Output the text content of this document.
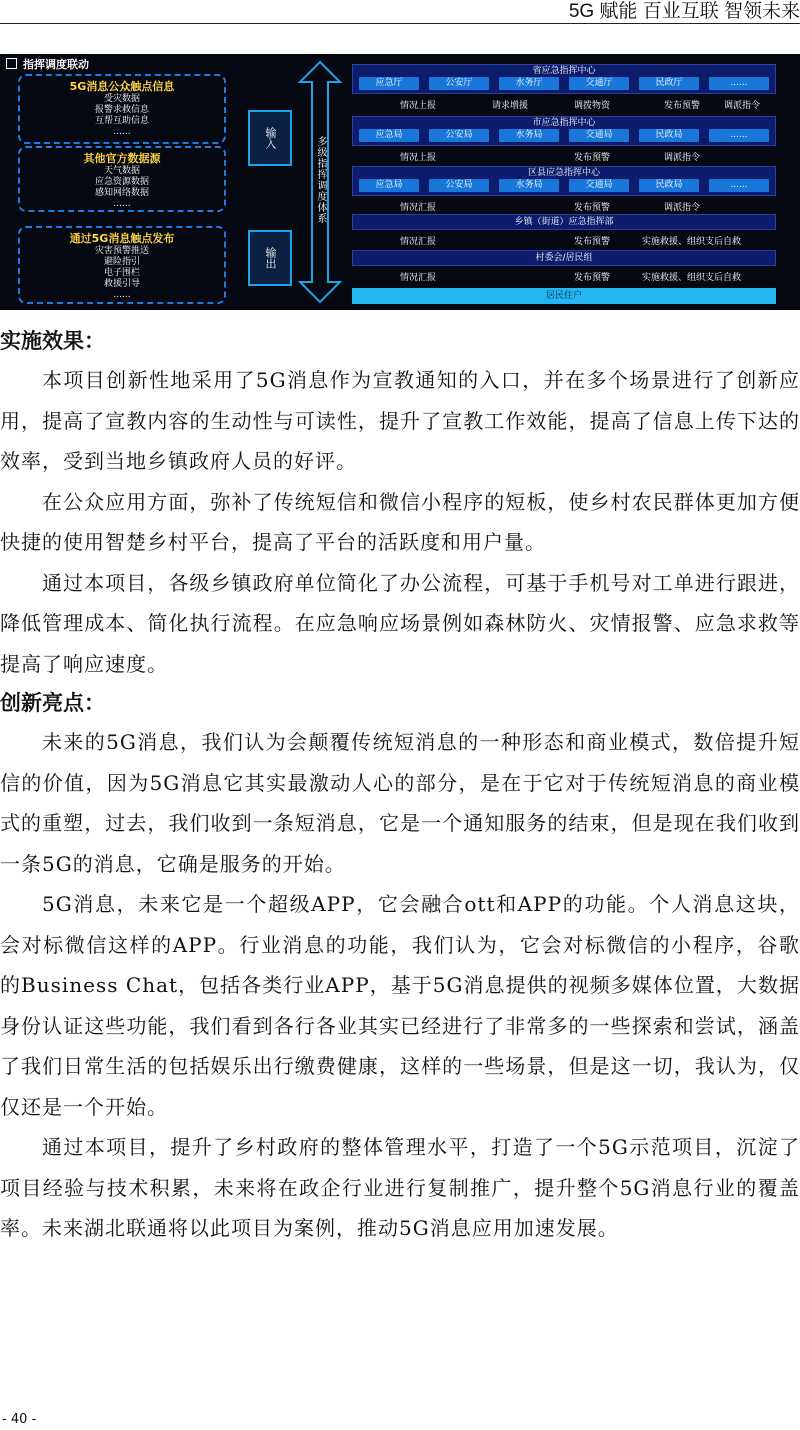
5G 赋能 百业互联 智领未来
指挥调度联动
5G消息公众触点信息
受灾数据
报警求救信息
互帮互助信息
......
其他官方数据源
天气数据
应急资源数据
感知网络数据
......
通过5G消息触点发布
灾害预警推送
避险指引
电子围栏
救援引导
......
输入
输出
多级指挥调度体系
省应急指挥中心
应急厅	公安厅	水务厅	交通厅	民政厅	......
情况上报	请求增援	调拨物资	发布预警	调派指令
市应急指挥中心
应急局	公安局	水务局	交通局	民政局	......
情况上报	发布预警	调派指令
区县应急指挥中心
应急局	公安局	水务局	交通局	民政局	......
情况汇报	发布预警	调派指令
乡镇（街道）应急指挥部
情况汇报	发布预警	实施救援、组织支后自救
村委会/居民组
情况汇报	发布预警	实施救援、组织支后自救
居民住户
实施效果：

本项目创新性地采用了5G消息作为宣教通知的入口，并在多个场景进行了创新应用，提高了宣教内容的生动性与可读性，提升了宣教工作效能，提高了信息上传下达的效率，受到当地乡镇政府人员的好评。

在公众应用方面，弥补了传统短信和微信小程序的短板，使乡村农民群体更加方便快捷的使用智楚乡村平台，提高了平台的活跃度和用户量。

通过本项目，各级乡镇政府单位简化了办公流程，可基于手机号对工单进行跟进，降低管理成本、简化执行流程。在应急响应场景例如森林防火、灾情报警、应急求救等提高了响应速度。

创新亮点：

未来的5G消息，我们认为会颠覆传统短消息的一种形态和商业模式，数倍提升短信的价值，因为5G消息它其实最激动人心的部分，是在于它对于传统短消息的商业模式的重塑，过去，我们收到一条短消息，它是一个通知服务的结束，但是现在我们收到一条5G的消息，它确是服务的开始。

5G消息，未来它是一个超级APP，它会融合ott和APP的功能。个人消息这块，会对标微信这样的APP。行业消息的功能，我们认为，它会对标微信的小程序，谷歌的Business Chat，包括各类行业APP，基于5G消息提供的视频多媒体位置，大数据身份认证这些功能，我们看到各行各业其实已经进行了非常多的一些探索和尝试，涵盖了我们日常生活的包括娱乐出行缴费健康，这样的一些场景，但是这一切，我认为，仅仅还是一个开始。

通过本项目，提升了乡村政府的整体管理水平，打造了一个5G示范项目，沉淀了项目经验与技术积累，未来将在政企行业进行复制推广，提升整个5G消息行业的覆盖率。未来湖北联通将以此项目为案例，推动5G消息应用加速发展。

- 40 -
